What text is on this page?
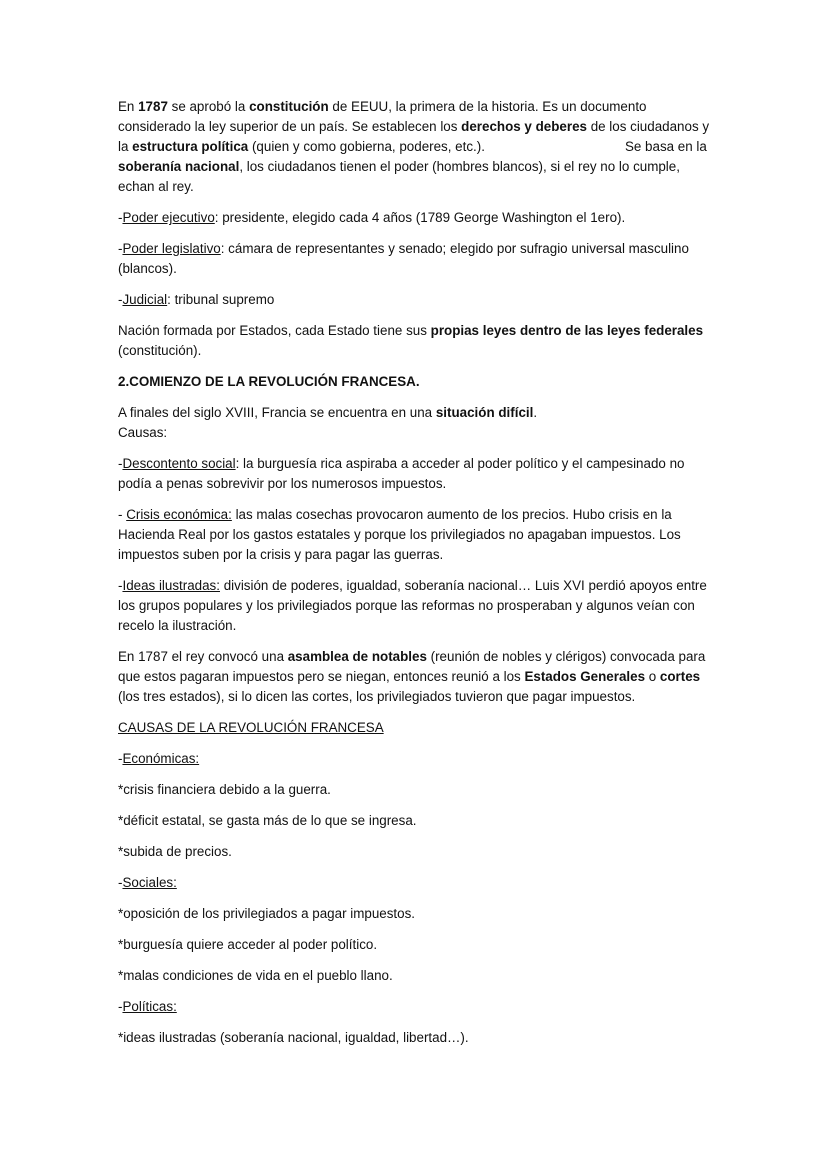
En 1787 se aprobó la constitución de EEUU, la primera de la historia. Es un documento considerado la ley superior de un país. Se establecen los derechos y deberes de los ciudadanos y la estructura política (quien y como gobierna, poderes, etc.).	Se basa en la soberanía nacional, los ciudadanos tienen el poder (hombres blancos), si el rey no lo cumple, echan al rey.

-Poder ejecutivo: presidente, elegido cada 4 años (1789 George Washington el 1ero).

-Poder legislativo: cámara de representantes y senado; elegido por sufragio universal masculino (blancos).

-Judicial: tribunal supremo

Nación formada por Estados, cada Estado tiene sus propias leyes dentro de las leyes federales (constitución).

2.COMIENZO DE LA REVOLUCIÓN FRANCESA.

A finales del siglo XVIII, Francia se encuentra en una situación difícil.
Causas:

-Descontento social: la burguesía rica aspiraba a acceder al poder político y el campesinado no podía a penas sobrevivir por los numerosos impuestos.

- Crisis económica: las malas cosechas provocaron aumento de los precios. Hubo crisis en la Hacienda Real por los gastos estatales y porque los privilegiados no apagaban impuestos. Los impuestos suben por la crisis y para pagar las guerras.

-Ideas ilustradas: división de poderes, igualdad, soberanía nacional… Luis XVI perdió apoyos entre los grupos populares y los privilegiados porque las reformas no prosperaban y algunos veían con recelo la ilustración.

En 1787 el rey convocó una asamblea de notables (reunión de nobles y clérigos) convocada para que estos pagaran impuestos pero se niegan, entonces reunió a los Estados Generales o cortes (los tres estados), si lo dicen las cortes, los privilegiados tuvieron que pagar impuestos.

CAUSAS DE LA REVOLUCIÓN FRANCESA

-Económicas:

*crisis financiera debido a la guerra.

*déficit estatal, se gasta más de lo que se ingresa.

*subida de precios.

-Sociales:

*oposición de los privilegiados a pagar impuestos.

*burguesía quiere acceder al poder político.

*malas condiciones de vida en el pueblo llano.

-Políticas:

*ideas ilustradas (soberanía nacional, igualdad, libertad…).
